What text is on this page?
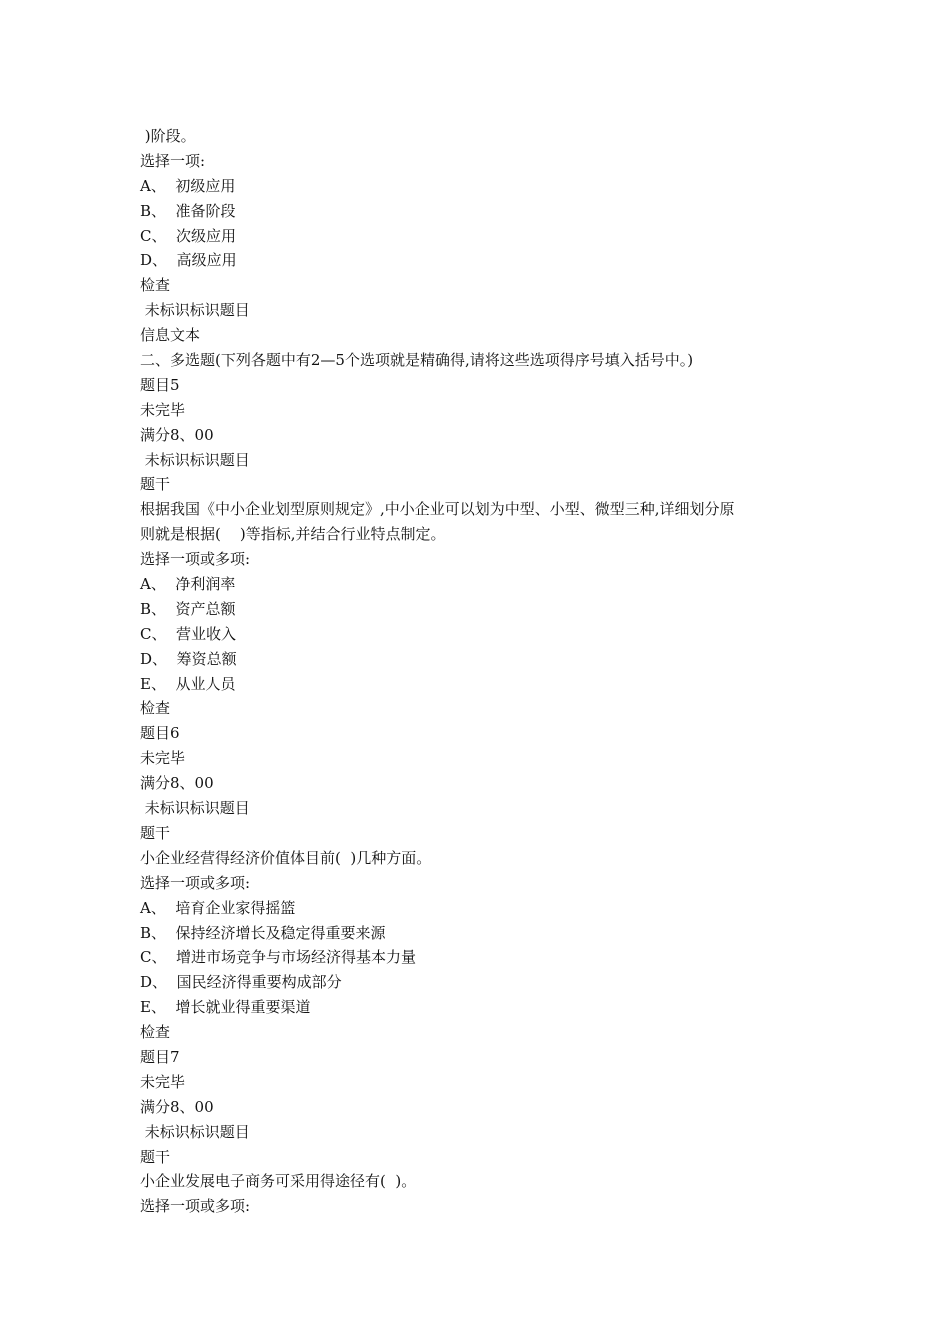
)阶段。
选择一项:
A、  初级应用
B、  准备阶段
C、  次级应用
D、  高级应用
检查
未标识标识题目
信息文本
二、多选题(下列各题中有2—5个选项就是精确得,请将这些选项得序号填入括号中。)
题目5
未完毕
满分8、00
未标识标识题目
题干
根据我国《中小企业划型原则规定》,中小企业可以划为中型、小型、微型三种,详细划分原
则就是根据(    )等指标,并结合行业特点制定。
选择一项或多项:
A、  净利润率
B、  资产总额
C、  营业收入
D、  筹资总额
E、  从业人员
检查
题目6
未完毕
满分8、00
未标识标识题目
题干
小企业经营得经济价值体目前(  )几种方面。
选择一项或多项:
A、  培育企业家得摇篮
B、  保持经济增长及稳定得重要来源
C、  增进市场竞争与市场经济得基本力量
D、  国民经济得重要构成部分
E、  增长就业得重要渠道
检查
题目7
未完毕
满分8、00
未标识标识题目
题干
小企业发展电子商务可采用得途径有(  )。
选择一项或多项:
